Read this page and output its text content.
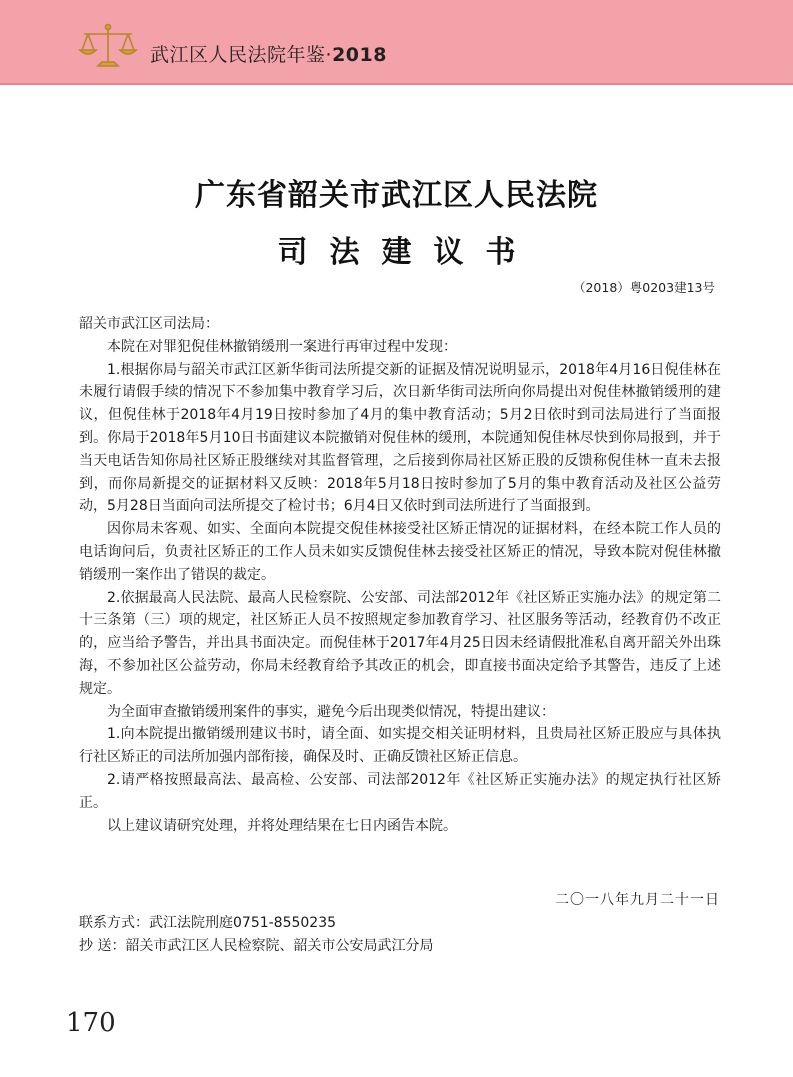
武江区人民法院年鉴·2018
广东省韶关市武江区人民法院
司法建议书
（2018）粤0203建13号

韶关市武江区司法局：

本院在对罪犯倪佳林撤销缓刑一案进行再审过程中发现：

1.根据你局与韶关市武江区新华街司法所提交新的证据及情况说明显示，2018年4月16日倪佳林在未履行请假手续的情况下不参加集中教育学习后，次日新华街司法所向你局提出对倪佳林撤销缓刑的建议，但倪佳林于2018年4月19日按时参加了4月的集中教育活动；5月2日依时到司法局进行了当面报到。你局于2018年5月10日书面建议本院撤销对倪佳林的缓刑，本院通知倪佳林尽快到你局报到，并于当天电话告知你局社区矫正股继续对其监督管理，之后接到你局社区矫正股的反馈称倪佳林一直未去报到，而你局新提交的证据材料又反映：2018年5月18日按时参加了5月的集中教育活动及社区公益劳动，5月28日当面向司法所提交了检讨书；6月4日又依时到司法所进行了当面报到。

因你局未客观、如实、全面向本院提交倪佳林接受社区矫正情况的证据材料，在经本院工作人员的电话询问后，负责社区矫正的工作人员未如实反馈倪佳林去接受社区矫正的情况，导致本院对倪佳林撤销缓刑一案作出了错误的裁定。

2.依据最高人民法院、最高人民检察院、公安部、司法部2012年《社区矫正实施办法》的规定第二十三条第（三）项的规定，社区矫正人员不按照规定参加教育学习、社区服务等活动，经教育仍不改正的，应当给予警告，并出具书面决定。而倪佳林于2017年4月25日因未经请假批准私自离开韶关外出珠海，不参加社区公益劳动，你局未经教育给予其改正的机会，即直接书面决定给予其警告，违反了上述规定。

为全面审查撤销缓刑案件的事实，避免今后出现类似情况，特提出建议：

1.向本院提出撤销缓刑建议书时，请全面、如实提交相关证明材料，且贵局社区矫正股应与具体执行社区矫正的司法所加强内部衔接，确保及时、正确反馈社区矫正信息。

2.请严格按照最高法、最高检、公安部、司法部2012年《社区矫正实施办法》的规定执行社区矫正。

以上建议请研究处理，并将处理结果在七日内函告本院。

二〇一八年九月二十一日
联系方式：武江法院刑庭0751-8550235
抄 送：韶关市武江区人民检察院、韶关市公安局武江分局
170
